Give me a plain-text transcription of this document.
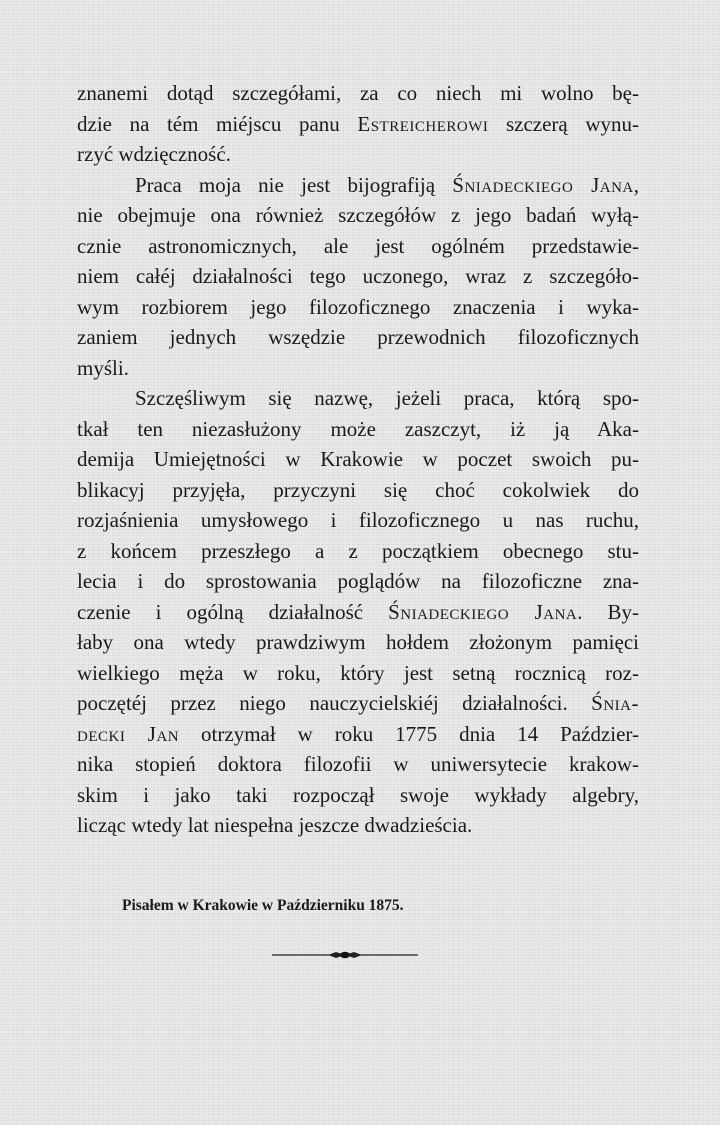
znanemi dotąd szczegółami, za co niech mi wolno bę-
dzie na tém miéjscu panu Estreicherowi szczerą wynu-
rzyć wdzięczność.
Praca moja nie jest bijografiją Śniadeckiego Jana,
nie obejmuje ona również szczegółów z jego badań wyłą-
cznie astronomicznych, ale jest ogólném przedstawie-
niem całéj działalności tego uczonego, wraz z szczegóło-
wym rozbiorem jego filozoficznego znaczenia i wyka-
zaniem jednych wszędzie przewodnich filozoficznych
myśli.
Szczęśliwym się nazwę, jeżeli praca, którą spo-
tkał ten niezasłużony może zaszczyt, iż ją Aka-
demija Umiejętności w Krakowie w poczet swoich pu-
blikacyj przyjęła, przyczyni się choć cokolwiek do
rozjaśnienia umysłowego i filozoficznego u nas ruchu,
z końcem przeszłego a z początkiem obecnego stu-
lecia i do sprostowania poglądów na filozoficzne zna-
czenie i ogólną działalność Śniadeckiego Jana. By-
łaby ona wtedy prawdziwym hołdem złożonym pamięci
wielkiego męża w roku, który jest setną rocznicą roz-
poczętéj przez niego nauczycielskiéj działalności. Śnia-
decki Jan otrzymał w roku 1775 dnia 14 Paździer-
nika stopień doktora filozofii w uniwersytecie krakow-
skim i jako taki rozpoczął swoje wykłady algebry,
licząc wtedy lat niespełna jeszcze dwadzieścia.
Pisałem w Krakowie w Październiku 1875.
